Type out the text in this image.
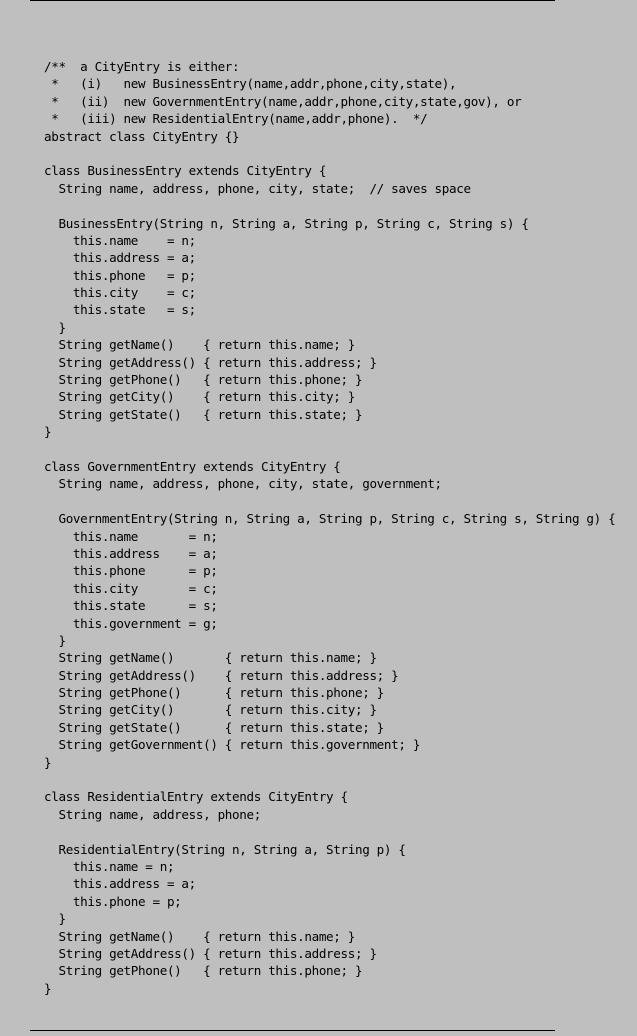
/**  a CityEntry is either:
*   (i)   new BusinessEntry(name,addr,phone,city,state),
*   (ii)  new GovernmentEntry(name,addr,phone,city,state,gov), or
*   (iii) new ResidentialEntry(name,addr,phone).  */
abstract class CityEntry {}

class BusinessEntry extends CityEntry {
String name, address, phone, city, state;  // saves space

BusinessEntry(String n, String a, String p, String c, String s) {
this.name    = n;
this.address = a;
this.phone   = p;
this.city    = c;
this.state   = s;
}
String getName()    { return this.name; }
String getAddress() { return this.address; }
String getPhone()   { return this.phone; }
String getCity()    { return this.city; }
String getState()   { return this.state; }
}

class GovernmentEntry extends CityEntry {
String name, address, phone, city, state, government;

GovernmentEntry(String n, String a, String p, String c, String s, String g) {
this.name       = n;
this.address    = a;
this.phone      = p;
this.city       = c;
this.state      = s;
this.government = g;
}
String getName()       { return this.name; }
String getAddress()    { return this.address; }
String getPhone()      { return this.phone; }
String getCity()       { return this.city; }
String getState()      { return this.state; }
String getGovernment() { return this.government; }
}

class ResidentialEntry extends CityEntry {
String name, address, phone;

ResidentialEntry(String n, String a, String p) {
this.name = n;
this.address = a;
this.phone = p;
}
String getName()    { return this.name; }
String getAddress() { return this.address; }
String getPhone()   { return this.phone; }
}
